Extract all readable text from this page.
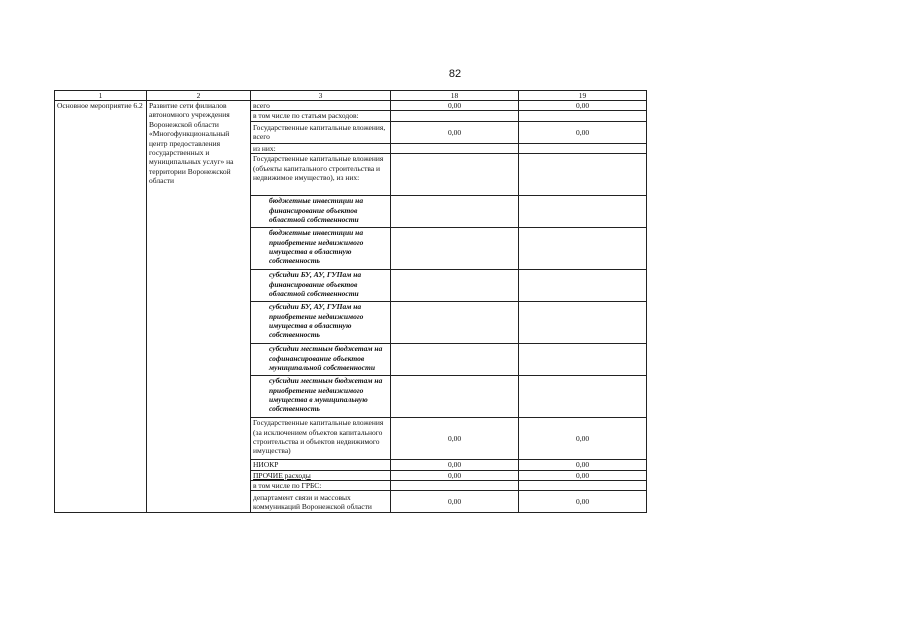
82
1	2	3	18	19
Основное мероприятие 6.2	Развитие сети филиалов автономного учреждения Воронежской области «Многофункциональный центр предоставления государственных и муниципальных услуг» на территории Воронежской области	всего	0,00	0,00
		в том числе по статьям расходов:		
		Государственные капитальные вложения, всего	0,00	0,00
		из них:		
		Государственные капитальные вложения (объекты капитального строительства и недвижимое имущество), из них:		
		бюджетные инвестиции на финансирование объектов областной собственности		
		бюджетные инвестиции на приобретение недвижимого имущества в областную собственность		
		субсидии БУ, АУ, ГУПам на финансирование объектов областной собственности		
		субсидии БУ, АУ, ГУПам на приобретение недвижимого имущества в областную собственность		
		субсидии местным бюджетам на софинансирование объектов муниципальной собственности		
		субсидии местным бюджетам на приобретение недвижимого имущества в муниципальную собственность		
		Государственные капитальные вложения (за исключением объектов капитального строительства и объектов недвижимого имущества)	0,00	0,00
		НИОКР	0,00	0,00
		ПРОЧИЕ расходы	0,00	0,00
		в том числе по ГРБС:		
		департамент связи и массовых коммуникаций Воронежской области	0,00	0,00
